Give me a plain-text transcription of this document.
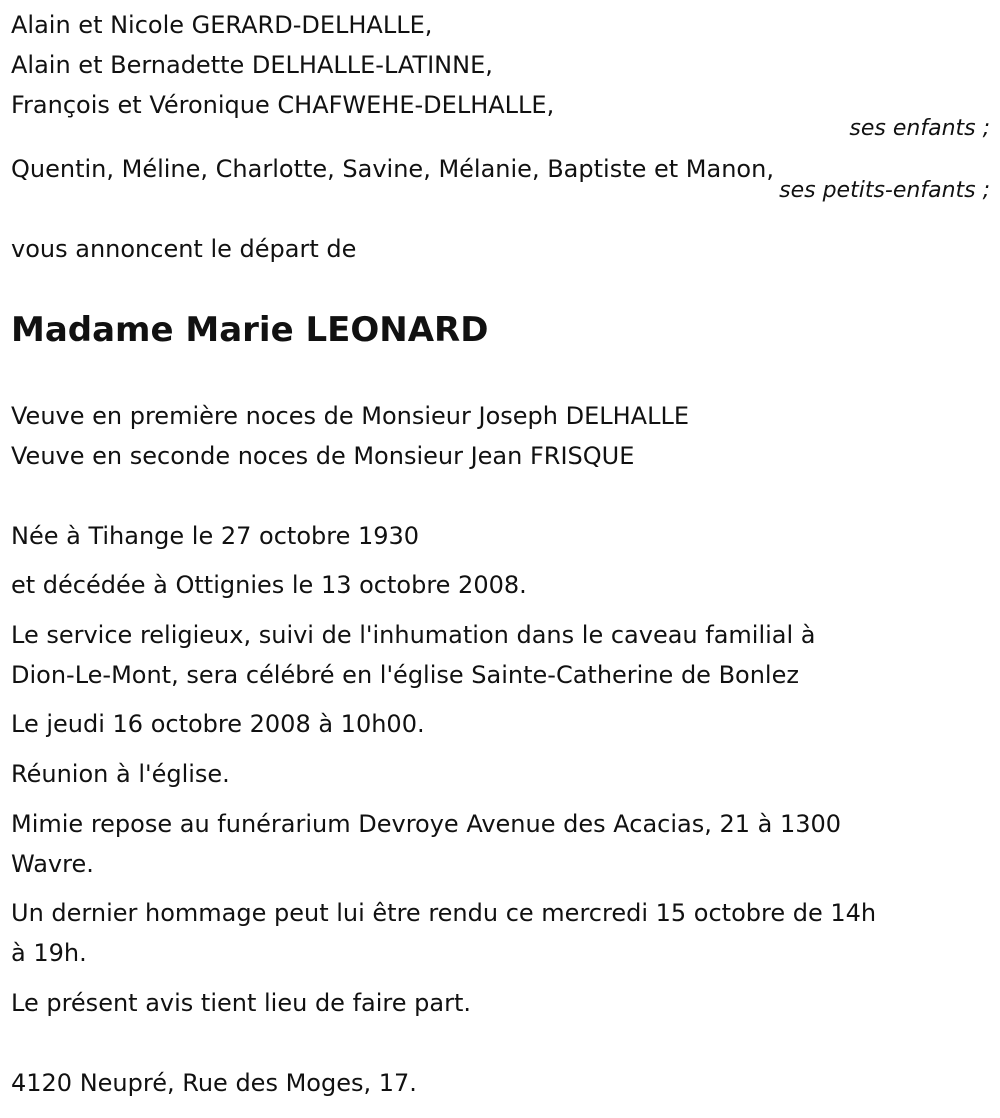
Alain et Nicole GERARD-DELHALLE,
Alain et Bernadette DELHALLE-LATINNE,
François et Véronique CHAFWEHE-DELHALLE,
ses enfants ;
Quentin, Méline, Charlotte, Savine, Mélanie, Baptiste et Manon,
ses petits-enfants ;
vous annoncent le départ de
Madame Marie LEONARD
Veuve en première noces de Monsieur Joseph DELHALLE
Veuve en seconde noces de Monsieur Jean FRISQUE
Née à Tihange le 27 octobre 1930
et décédée à Ottignies le 13 octobre 2008.
Le service religieux, suivi de l'inhumation dans le caveau familial à
Dion-Le-Mont, sera célébré en l'église Sainte-Catherine de Bonlez
Le jeudi 16 octobre 2008 à 10h00.
Réunion à l'église.
Mimie repose au funérarium Devroye Avenue des Acacias, 21 à 1300
Wavre.
Un dernier hommage peut lui être rendu ce mercredi 15 octobre de 14h
à 19h.
Le présent avis tient lieu de faire part.
4120 Neupré, Rue des Moges, 17.
